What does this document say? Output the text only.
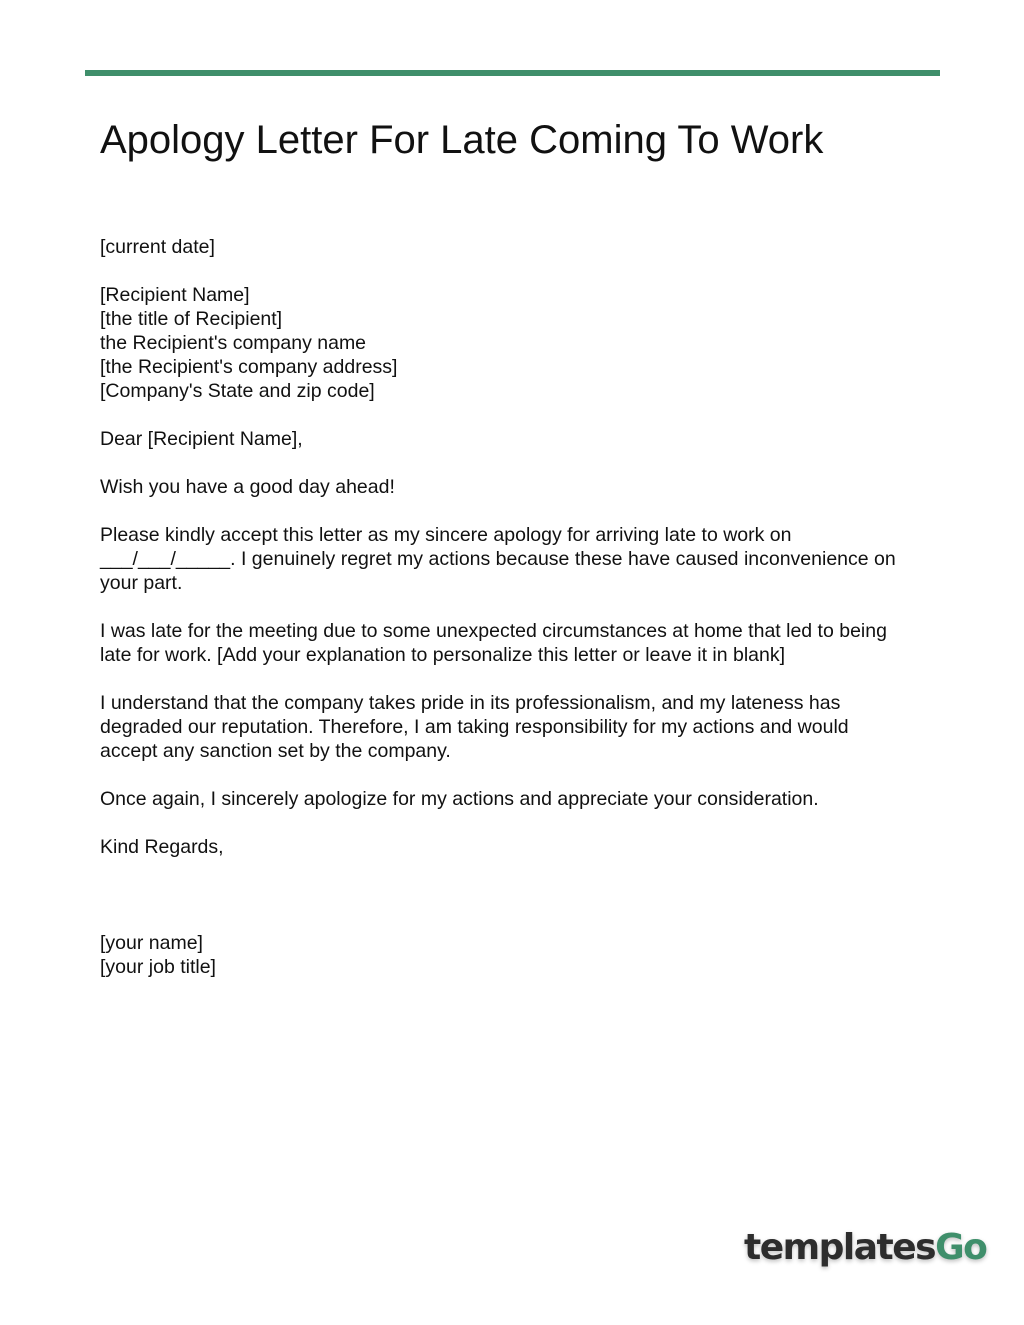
Apology Letter For Late Coming To Work
[current date]
[Recipient Name]
[the title of Recipient]
the Recipient's company name
[the Recipient's company address]
[Company's State and zip code]
Dear [Recipient Name],
Wish you have a good day ahead!
Please kindly accept this letter as my sincere apology for arriving late to work on
___/___/_____. I genuinely regret my actions because these have caused inconvenience on
your part.
I was late for the meeting due to some unexpected circumstances at home that led to being
late for work. [Add your explanation to personalize this letter or leave it in blank]
I understand that the company takes pride in its professionalism, and my lateness has
degraded our reputation. Therefore, I am taking responsibility for my actions and would
accept any sanction set by the company.
Once again, I sincerely apologize for my actions and appreciate your consideration.
Kind Regards,
[your name]
[your job title]
templatesGo
